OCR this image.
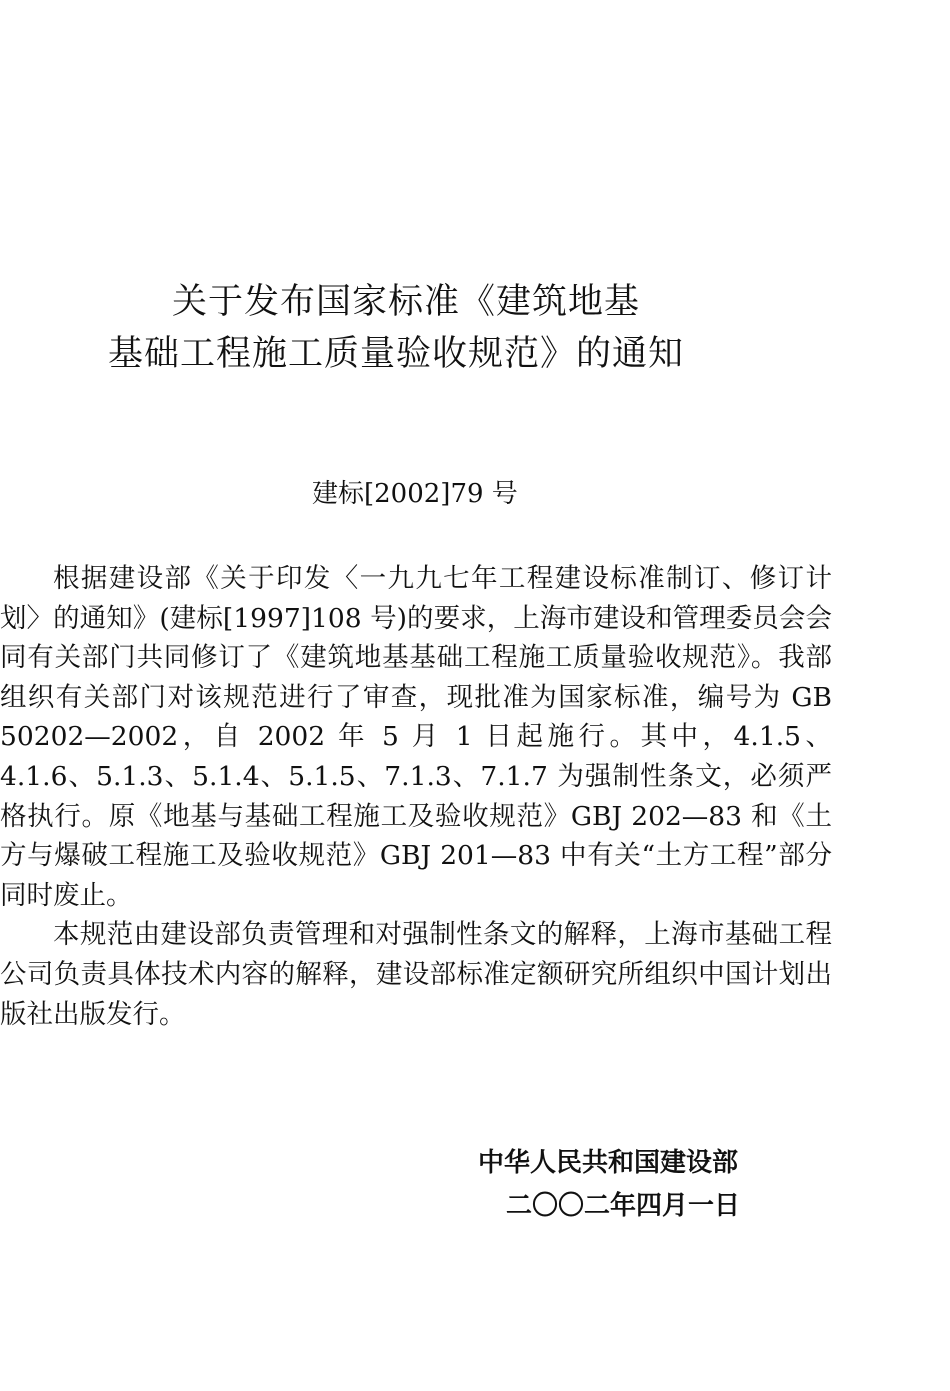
关于发布国家标准《建筑地基
基础工程施工质量验收规范》的通知
建标[2002]79 号

根据建设部《关于印发〈一九九七年工程建设标准制订、修订计划〉的通知》(建标[1997]108 号)的要求，上海市建设和管理委员会会同有关部门共同修订了《建筑地基基础工程施工质量验收规范》。我部组织有关部门对该规范进行了审查，现批准为国家标准，编号为 GB 50202—2002，自 2002 年 5 月 1 日起施行。其中，4.1.5、4.1.6、5.1.3、5.1.4、5.1.5、7.1.3、7.1.7 为强制性条文，必须严格执行。原《地基与基础工程施工及验收规范》GBJ 202—83 和《土方与爆破工程施工及验收规范》GBJ 201—83 中有关“土方工程”部分同时废止。

本规范由建设部负责管理和对强制性条文的解释，上海市基础工程公司负责具体技术内容的解释，建设部标准定额研究所组织中国计划出版社出版发行。

中华人民共和国建设部
二〇〇二年四月一日
